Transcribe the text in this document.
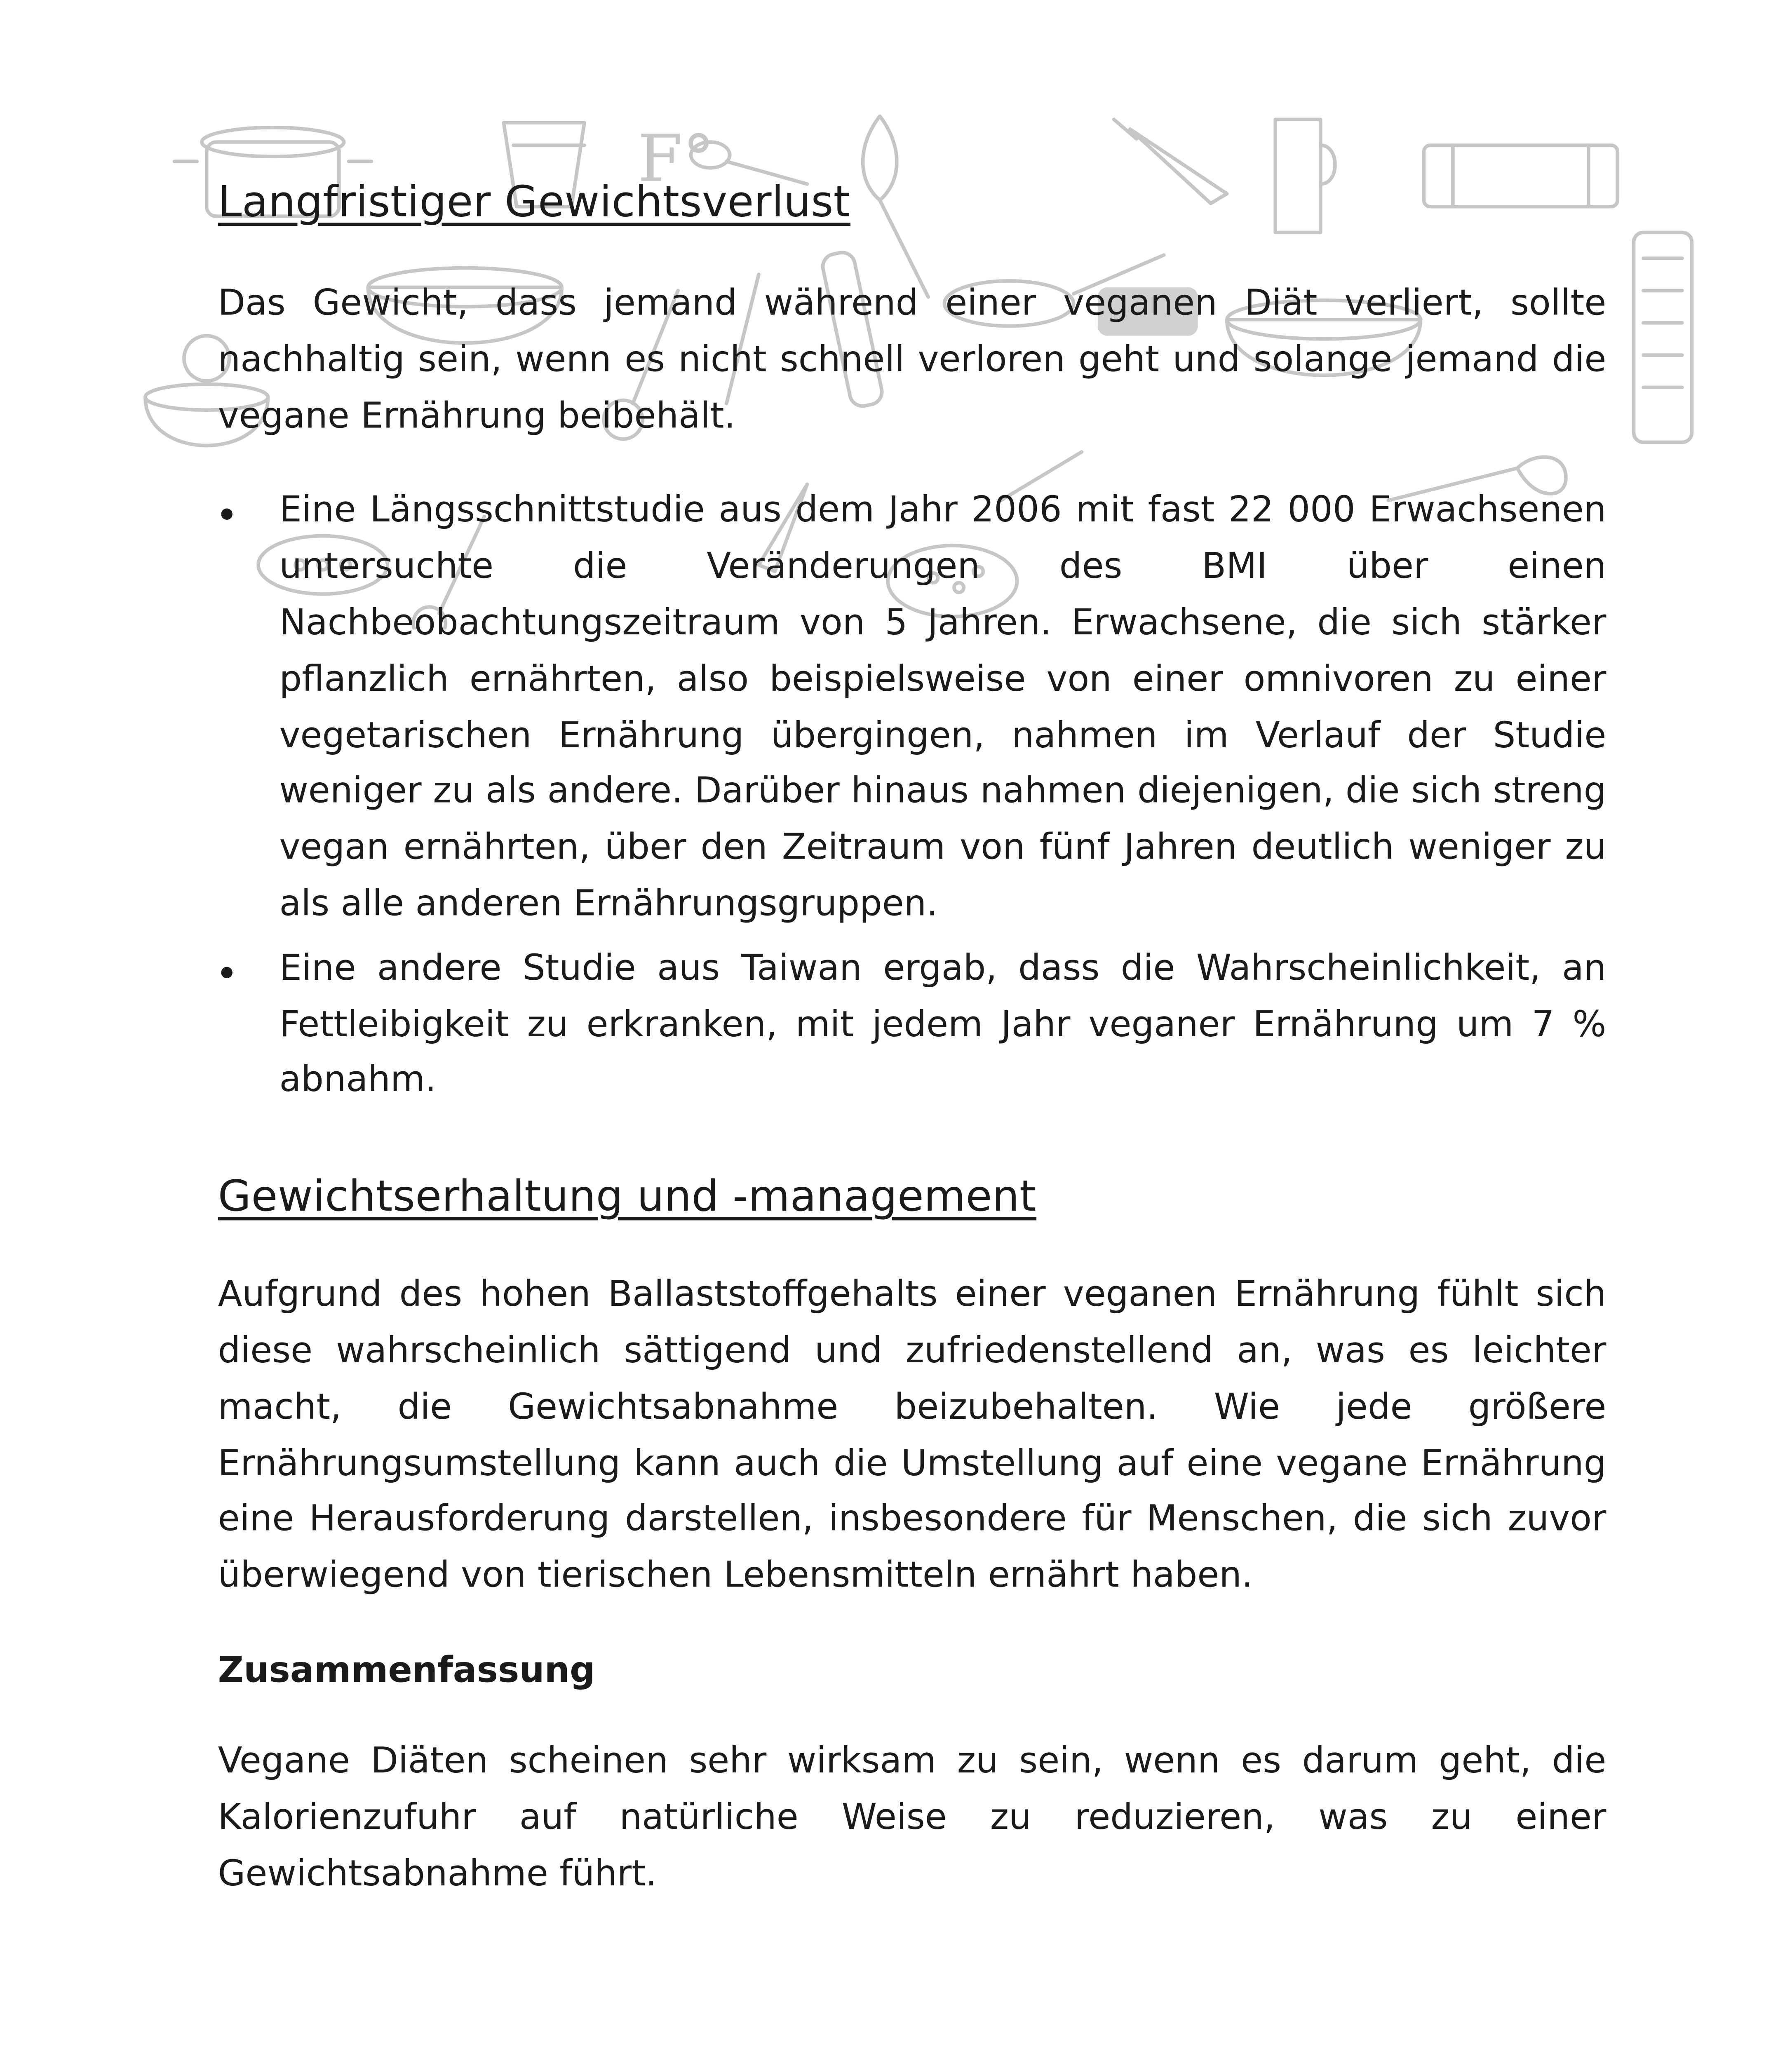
F°
Langfristiger Gewichtsverlust

Das Gewicht, dass jemand während einer veganen Diät verliert, sollte nachhaltig sein, wenn es nicht schnell verloren geht und solange jemand die vegane Ernährung beibehält.

Eine Längsschnittstudie aus dem Jahr 2006 mit fast 22 000 Erwachsenen untersuchte die Veränderungen des BMI über einen Nachbeobachtungszeitraum von 5 Jahren. Erwachsene, die sich stärker pflanzlich ernährten, also beispielsweise von einer omnivoren zu einer vegetarischen Ernährung übergingen, nahmen im Verlauf der Studie weniger zu als andere. Darüber hinaus nahmen diejenigen, die sich streng vegan ernährten, über den Zeitraum von fünf Jahren deutlich weniger zu als alle anderen Ernährungsgruppen.
Eine andere Studie aus Taiwan ergab, dass die Wahrscheinlichkeit, an Fettleibigkeit zu erkranken, mit jedem Jahr veganer Ernährung um 7 % abnahm.
Gewichtserhaltung und -management

Aufgrund des hohen Ballaststoffgehalts einer veganen Ernährung fühlt sich diese wahrscheinlich sättigend und zufriedenstellend an, was es leichter macht, die Gewichtsabnahme beizubehalten. Wie jede größere Ernährungsumstellung kann auch die Umstellung auf eine vegane Ernährung eine Herausforderung darstellen, insbesondere für Menschen, die sich zuvor überwiegend von tierischen Lebensmitteln ernährt haben.

Zusammenfassung

Vegane Diäten scheinen sehr wirksam zu sein, wenn es darum geht, die Kalorienzufuhr auf natürliche Weise zu reduzieren, was zu einer Gewichtsabnahme führt.
